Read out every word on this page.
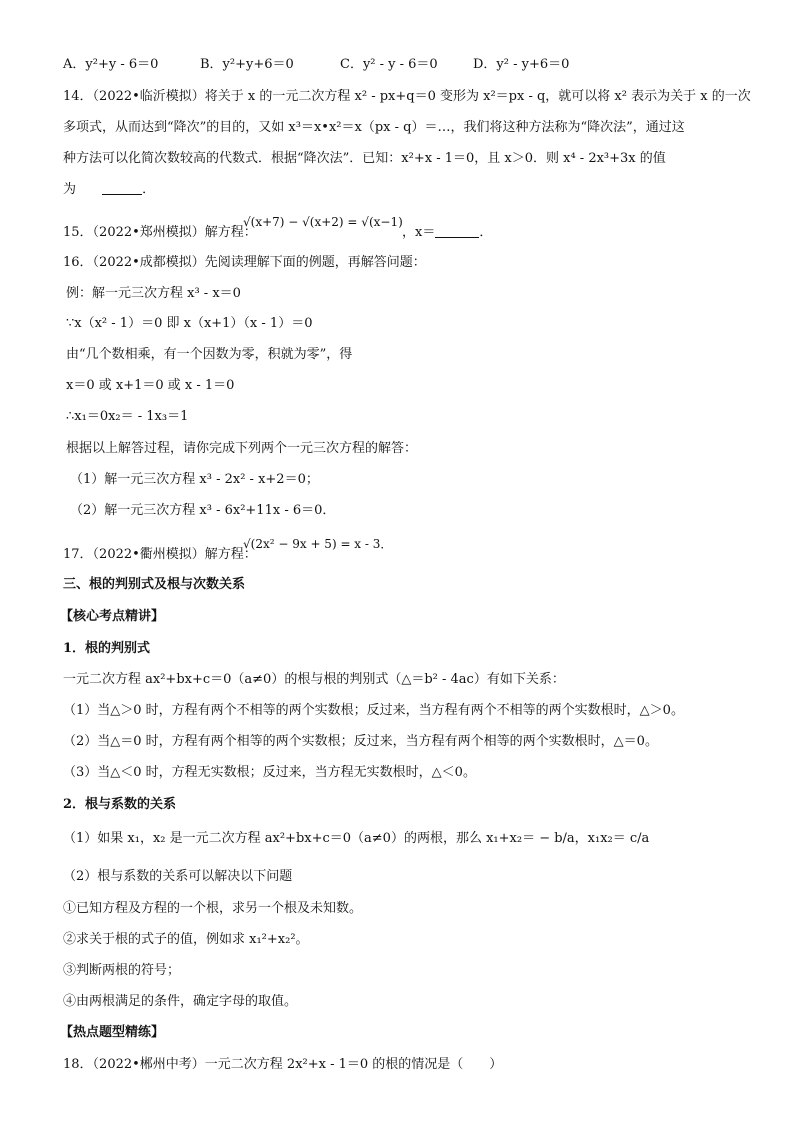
A．y²+y - 6＝0	B．y²+y+6＝0	C．y² - y - 6＝0	D．y² - y+6＝0
14．（2022•临沂模拟）将关于 x 的一元二次方程 x² - px+q＝0 变形为 x²＝px - q，就可以将 x² 表示为关于 x 的一次
多项式，从而达到“降次”的目的，又如 x³＝x•x²＝x（px - q）＝…，我们将这种方法称为“降次法”，通过这
种方法可以化简次数较高的代数式．根据“降次法”．已知：x²+x - 1＝0，且 x＞0．则 x⁴ - 2x³+3x 的值
为	．
15．（2022•郑州模拟）解方程：
√(x+7) − √(x+2) = √(x−1)
，x＝	．
16．（2022•成都模拟）先阅读理解下面的例题，再解答问题：
例：解一元三次方程 x³ - x＝0
∵x（x² - 1）＝0 即 x（x+1）（x - 1）＝0
由“几个数相乘，有一个因数为零，积就为零”，得
x＝0 或 x+1＝0 或 x - 1＝0
∴x₁＝0x₂＝ - 1x₃＝1
根据以上解答过程，请你完成下列两个一元三次方程的解答：
（1）解一元三次方程 x³ - 2x² - x+2＝0；
（2）解一元三次方程 x³ - 6x²+11x - 6＝0．
17．（2022•衢州模拟）解方程：
√(2x² − 9x + 5) = x - 3．
三、根的判别式及根与次数关系
【核心考点精讲】
1．根的判别式
一元二次方程 ax²+bx+c＝0（a≠0）的根与根的判别式（△＝b² - 4ac）有如下关系：
（1）当△＞0 时，方程有两个不相等的两个实数根；反过来，当方程有两个不相等的两个实数根时，△＞0。
（2）当△＝0 时，方程有两个相等的两个实数根；反过来，当方程有两个相等的两个实数根时，△＝0。
（3）当△＜0 时，方程无实数根；反过来，当方程无实数根时，△＜0。
2．根与系数的关系
（1）如果 x₁，x₂ 是一元二次方程 ax²+bx+c＝0（a≠0）的两根，那么 x₁+x₂＝ − b/a，x₁x₂＝ c/a
（2）根与系数的关系可以解决以下问题
①已知方程及方程的一个根，求另一个根及未知数。
②求关于根的式子的值，例如求 x₁²+x₂²。
③判断两根的符号；
④由两根满足的条件，确定字母的取值。
【热点题型精练】
18．（2022•郴州中考）一元二次方程 2x²+x - 1＝0 的根的情况是（　　）
